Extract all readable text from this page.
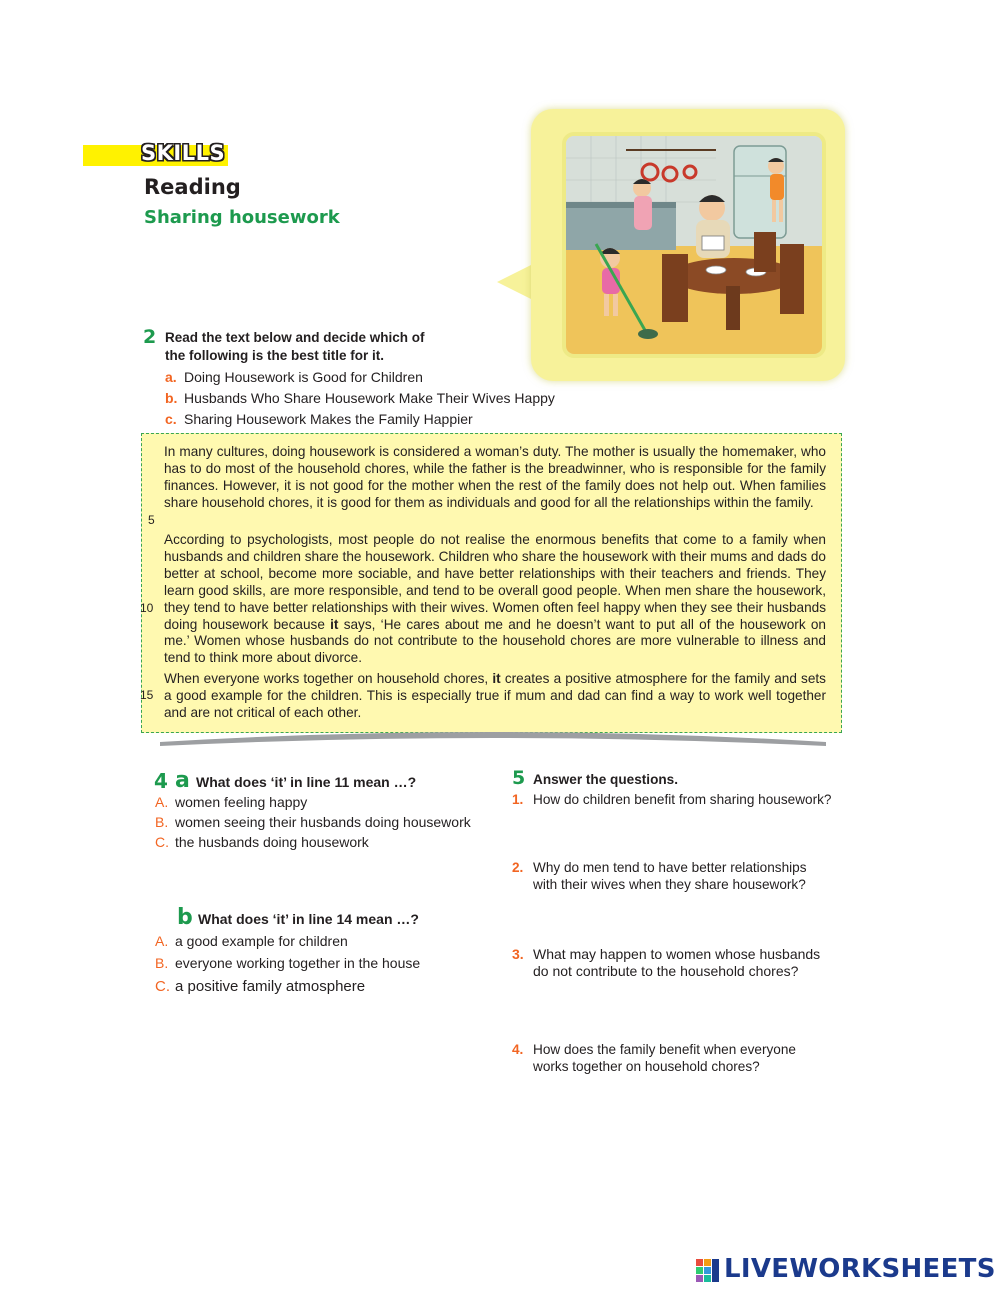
SKILLS
Reading
Sharing housework
2 Read the text below and decide which of
the following is the best title for it.
a. Doing Housework is Good for Children
b. Husbands Who Share Housework Make Their Wives Happy
c. Sharing Housework Makes the Family Happier
In many cultures, doing housework is considered a woman’s duty. The mother is usually the homemaker, who has to do most of the household chores, while the father is the breadwinner, who is responsible for the family finances. However, it is not good for the mother when the rest of the family does not help out. When families share household chores, it is good for them as individuals and good for all the relationships within the family.
According to psychologists, most people do not realise the enormous benefits that come to a family when husbands and children share the housework. Children who share the housework with their mums and dads do better at school, become more sociable, and have better relationships with their teachers and friends. They learn good skills, are more responsible, and tend to be overall good people. When men share the housework, they tend to have better relationships with their wives. Women often feel happy when they see their husbands doing housework because it says, ‘He cares about me and he doesn’t want to put all of the housework on me.’ Women whose husbands do not contribute to the household chores are more vulnerable to illness and tend to think more about divorce.
When everyone works together on household chores, it creates a positive atmosphere for the family and sets a good example for the children. This is especially true if mum and dad can find a way to work well together and are not critical of each other.
5
10
15
4 a What does ‘it’ in line 11 mean …?
A. women feeling happy
B. women seeing their husbands doing housework
C. the husbands doing housework
b What does ‘it’ in line 14 mean …?
A. a good example for children
B. everyone working together in the house
C. a positive family atmosphere
5 Answer the questions.
1. How do children benefit from sharing housework?
2. Why do men tend to have better relationships
with their wives when they share housework?
3. What may happen to women whose husbands
do not contribute to the household chores?
4. How does the family benefit when everyone
works together on household chores?
LIVEWORKSHEETS
